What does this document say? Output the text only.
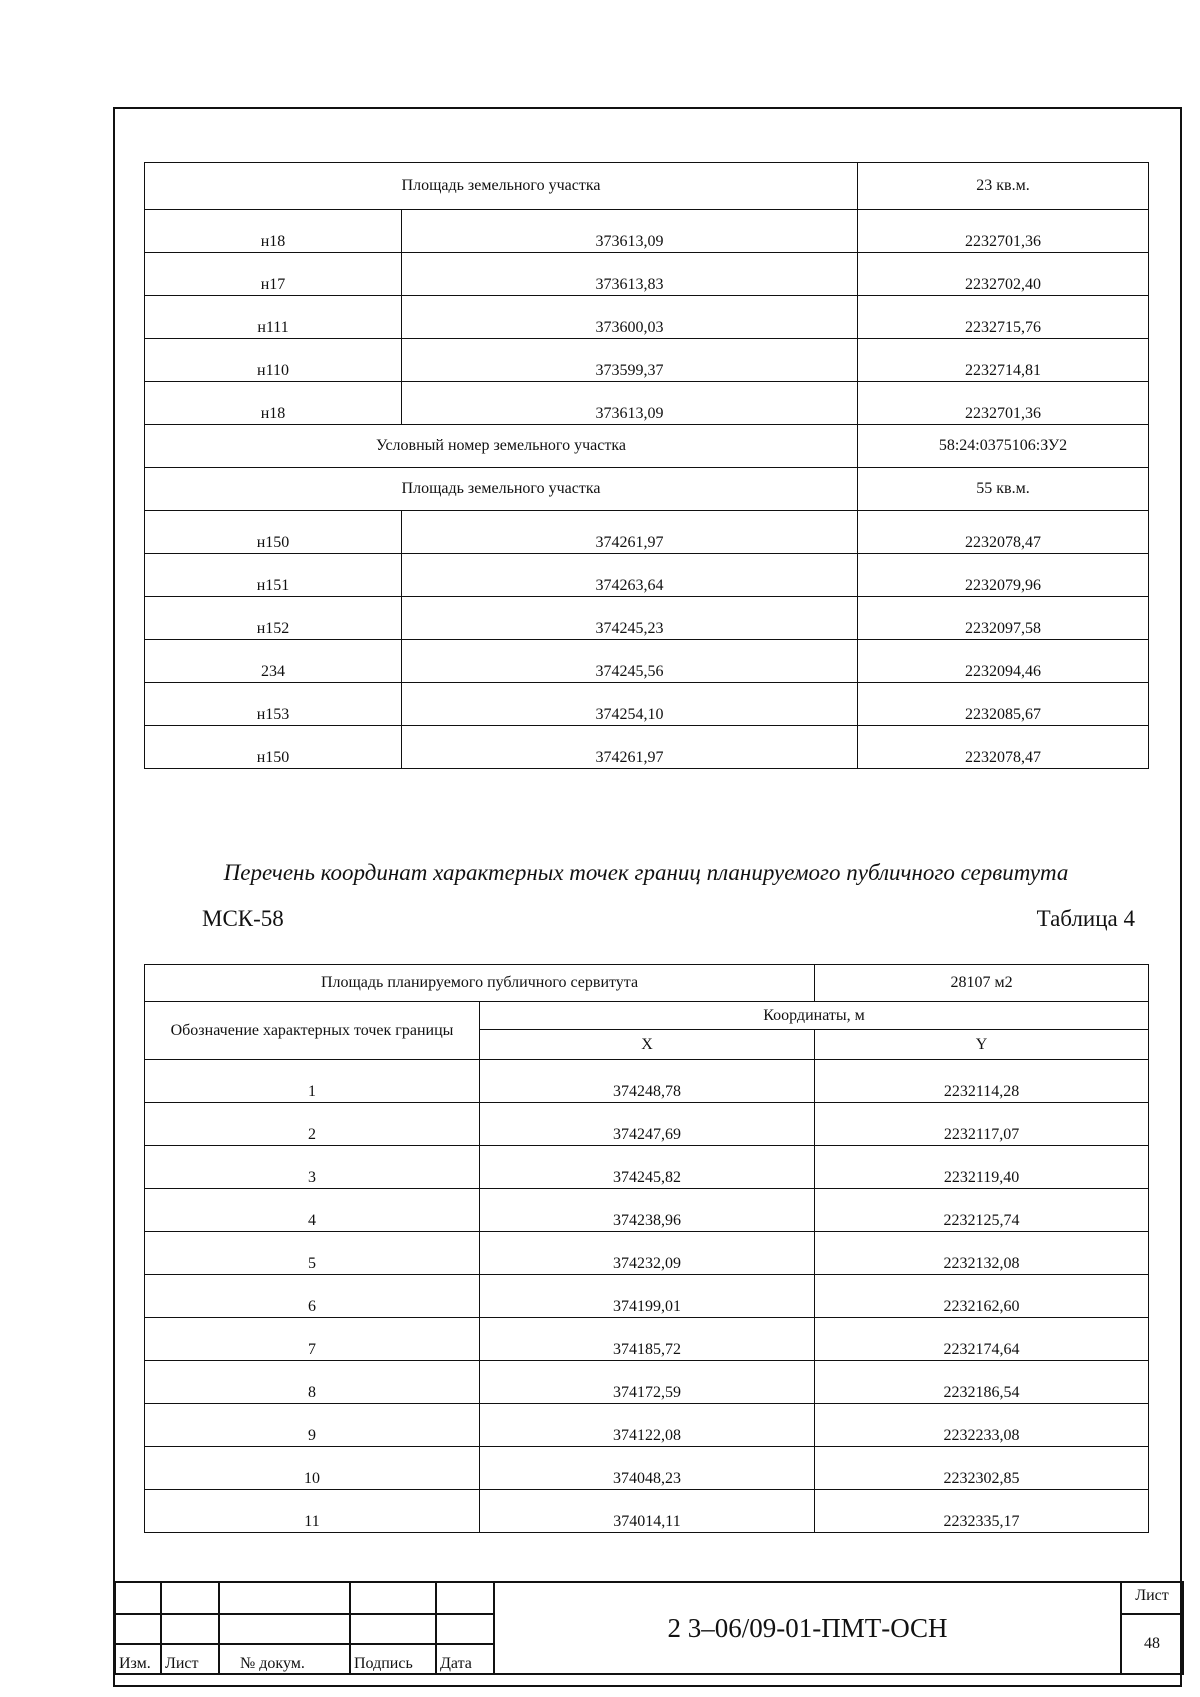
Площадь земельного участка		23 кв.м.
н18	373613,09	2232701,36
н17	373613,83	2232702,40
н111	373600,03	2232715,76
н110	373599,37	2232714,81
н18	373613,09	2232701,36
Условный номер земельного участка		58:24:0375106:ЗУ2
Площадь земельного участка		55 кв.м.
н150	374261,97	2232078,47
н151	374263,64	2232079,96
н152	374245,23	2232097,58
234	374245,56	2232094,46
н153	374254,10	2232085,67
н150	374261,97	2232078,47
Перечень координат характерных точек границ планируемого публичного сервитута
МСК-58	Таблица 4
Площадь планируемого публичного сервитута		28107 м2
Обозначение характерных точек границы	Координаты, м	
	X	Y
1	374248,78	2232114,28
2	374247,69	2232117,07
3	374245,82	2232119,40
4	374238,96	2232125,74
5	374232,09	2232132,08
6	374199,01	2232162,60
7	374185,72	2232174,64
8	374172,59	2232186,54
9	374122,08	2232233,08
10	374048,23	2232302,85
11	374014,11	2232335,17
					2 3–06/09-01-ПМТ-ОСН	Лист
						48
Изм.	Лист	№ докум.	Подпись	Дата		
